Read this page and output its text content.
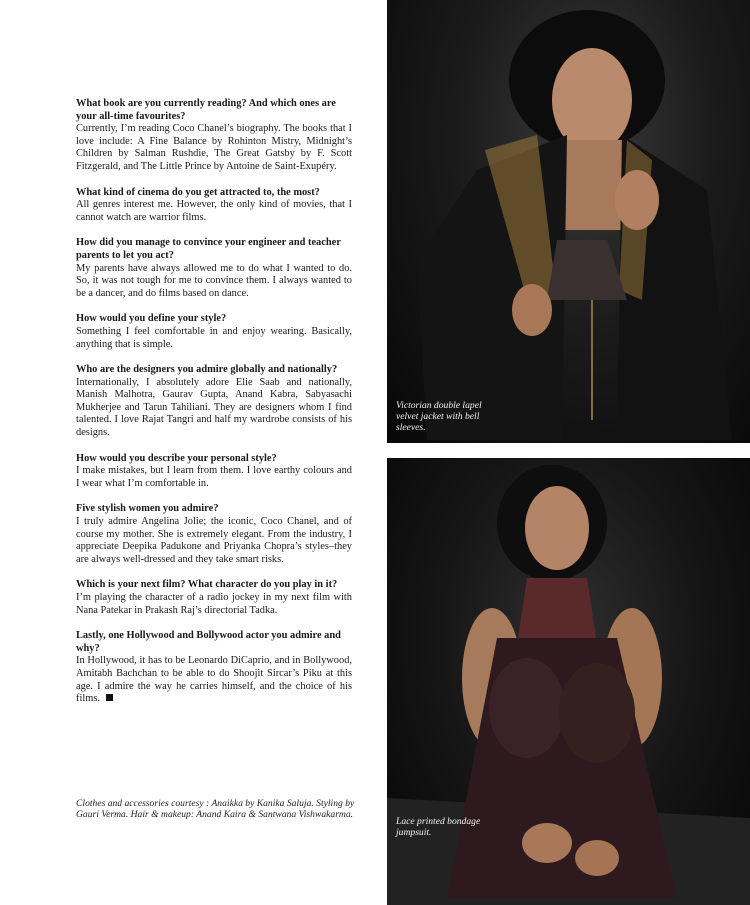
What book are you currently reading? And which ones are your all-time favourites?

Currently, I’m reading Coco Chanel’s biography. The books that I love include: A Fine Balance by Rohinton Mistry, Midnight’s Children by Salman Rushdie, The Great Gatsby by F. Scott Fitzgerald, and The Little Prince by Antoine de Saint-Exupéry.

What kind of cinema do you get attracted to, the most?

All genres interest me. However, the only kind of movies, that I cannot watch are warrior films.

How did you manage to convince your engineer and teacher parents to let you act?

My parents have always allowed me to do what I wanted to do. So, it was not tough for me to convince them. I always wanted to be a dancer, and do films based on dance.

How would you define your style?

Something I feel comfortable in and enjoy wearing. Basically, anything that is simple.

Who are the designers you admire globally and nationally?

Internationally, I absolutely adore Elie Saab and nationally, Manish Malhotra, Gaurav Gupta, Anand Kabra, Sabyasachi Mukherjee and Tarun Tahiliani. They are designers whom I find talented. I love Rajat Tangri and half my wardrobe consists of his designs.

How would you describe your personal style?

I make mistakes, but I learn from them. I love earthy colours and I wear what I’m comfortable in.

Five stylish women you admire?

I truly admire Angelina Jolie; the iconic, Coco Chanel, and of course my mother. She is extremely elegant. From the industry, I appreciate Deepika Padukone and Priyanka Chopra’s styles–they are always well-dressed and they take smart risks.

Which is your next film? What character do you play in it?

I’m playing the character of a radio jockey in my next film with Nana Patekar in Prakash Raj’s directorial Tadka.

Lastly, one Hollywood and Bollywood actor you admire and why?

In Hollywood, it has to be Leonardo DiCaprio, and in Bollywood, Amitabh Bachchan to be able to do Shoojit Sircar’s Piku at this age. I admire the way he carries himself, and the choice of his films.

Clothes and accessories courtesy : Anaikka by Kanika Saluja. Styling by Gauri Verma. Hair & makeup: Anand Kaira & Santwana Vishwakarma.
Victorian double lapel velvet jacket with bell sleeves.
Lace printed bondage jumpsuit.
